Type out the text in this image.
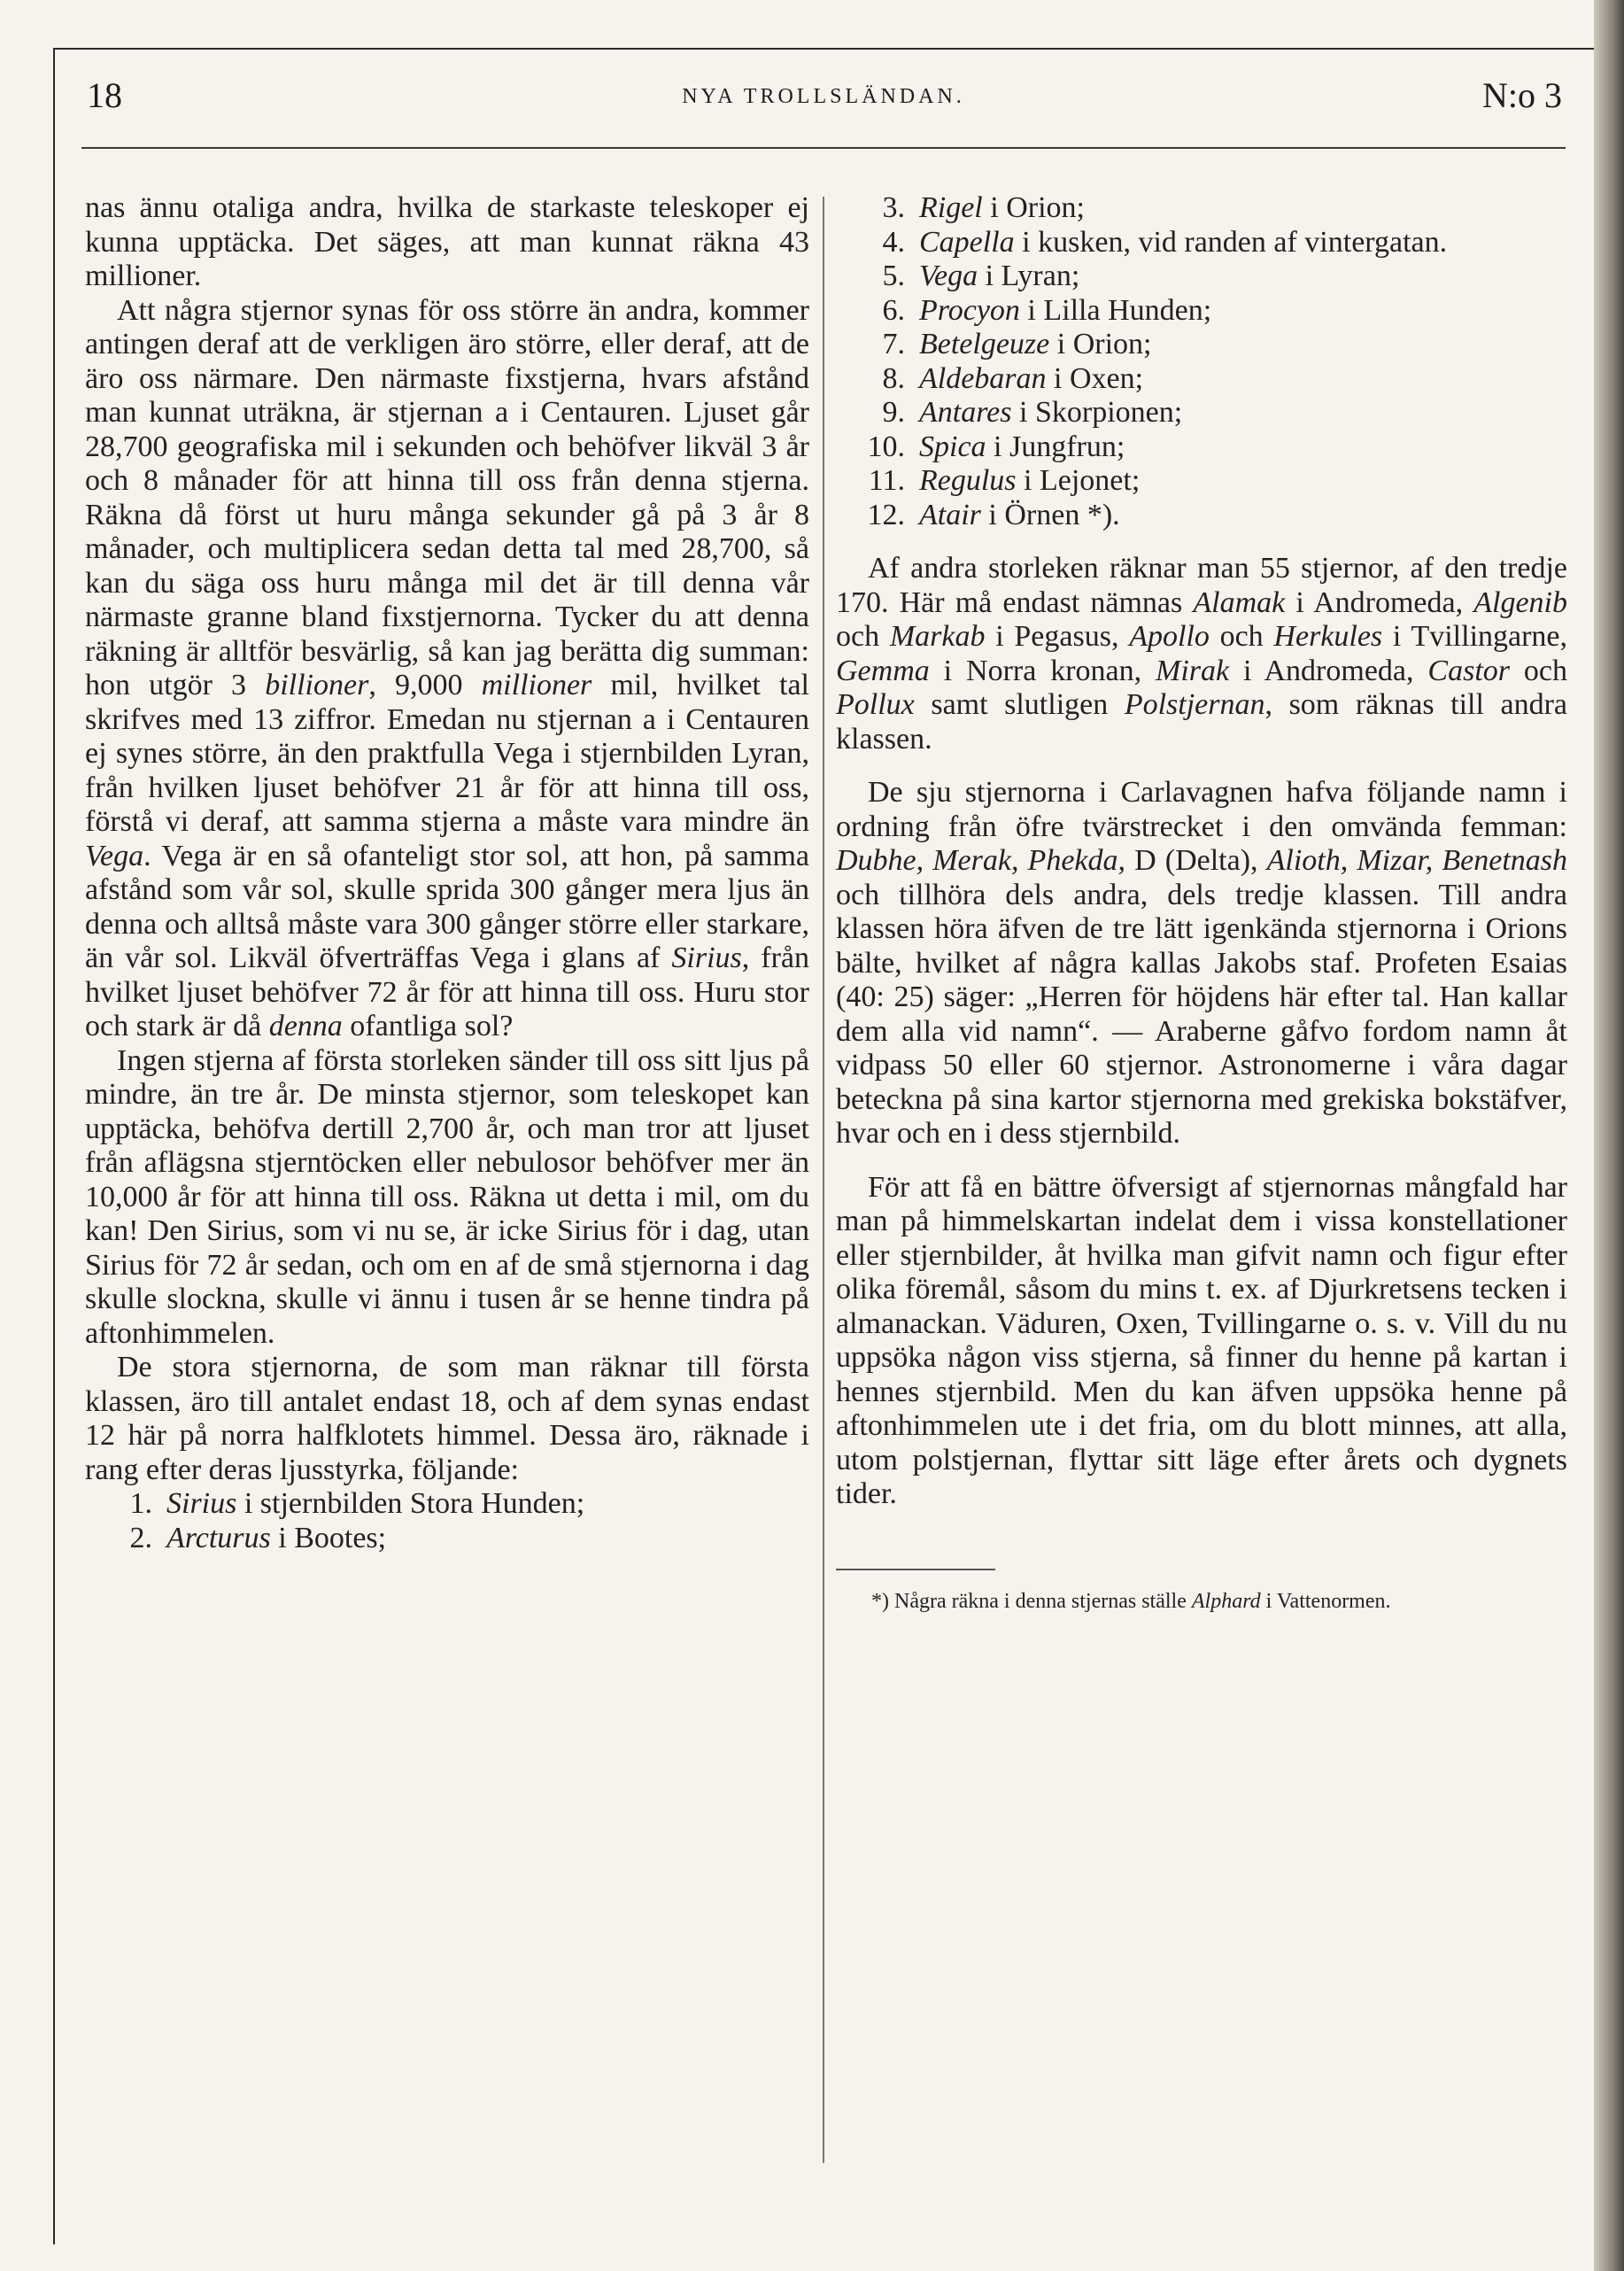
18	NYA TROLLSLÄNDAN.	N:o 3

nas ännu otaliga andra, hvilka de starkaste teleskoper ej kunna upptäcka. Det säges, att man kunnat räkna 43 millioner.

Att några stjernor synas för oss större än andra, kommer antingen deraf att de verkligen äro större, eller deraf, att de äro oss närmare. Den närmaste fixstjerna, hvars afstånd man kunnat uträkna, är stjernan a i Centauren. Ljuset går 28,700 geografiska mil i sekunden och behöfver likväl 3 år och 8 månader för att hinna till oss från denna stjerna. Räkna då först ut huru många sekunder gå på 3 år 8 månader, och multiplicera sedan detta tal med 28,700, så kan du säga oss huru många mil det är till denna vår närmaste granne bland fixstjernorna. Tycker du att denna räkning är alltför besvärlig, så kan jag berätta dig summan: hon utgör 3 billioner, 9,000 millioner mil, hvilket tal skrifves med 13 ziffror. Emedan nu stjernan a i Centauren ej synes större, än den praktfulla Vega i stjernbilden Lyran, från hvilken ljuset behöfver 21 år för att hinna till oss, förstå vi deraf, att samma stjerna a måste vara mindre än Vega. Vega är en så ofanteligt stor sol, att hon, på samma afstånd som vår sol, skulle sprida 300 gånger mera ljus än denna och alltså måste vara 300 gånger större eller starkare, än vår sol. Likväl öfverträffas Vega i glans af Sirius, från hvilket ljuset behöfver 72 år för att hinna till oss. Huru stor och stark är då denna ofantliga sol?

Ingen stjerna af första storleken sänder till oss sitt ljus på mindre, än tre år. De minsta stjernor, som teleskopet kan upptäcka, behöfva dertill 2,700 år, och man tror att ljuset från aflägsna stjerntöcken eller nebulosor behöfver mer än 10,000 år för att hinna till oss. Räkna ut detta i mil, om du kan! Den Sirius, som vi nu se, är icke Sirius för i dag, utan Sirius för 72 år sedan, och om en af de små stjernorna i dag skulle slockna, skulle vi ännu i tusen år se henne tindra på aftonhimmelen.

De stora stjernorna, de som man räknar till första klassen, äro till antalet endast 18, och af dem synas endast 12 här på norra halfklotets himmel. Dessa äro, räknade i rang efter deras ljusstyrka, följande:

1. Sirius i stjernbilden Stora Hunden;
2. Arcturus i Bootes;
3. Rigel i Orion;
4. Capella i kusken, vid randen af vintergatan.
5. Vega i Lyran;
6. Procyon i Lilla Hunden;
7. Betelgeuze i Orion;
8. Aldebaran i Oxen;
9. Antares i Skorpionen;
10. Spica i Jungfrun;
11. Regulus i Lejonet;
12. Atair i Örnen *).

Af andra storleken räknar man 55 stjernor, af den tredje 170. Här må endast nämnas Alamak i Andromeda, Algenib och Markab i Pegasus, Apollo och Herkules i Tvillingarne, Gemma i Norra kronan, Mirak i Andromeda, Castor och Pollux samt slutligen Polstjernan, som räknas till andra klassen.

De sju stjernorna i Carlavagnen hafva följande namn i ordning från öfre tvärstrecket i den omvända femman: Dubhe, Merak, Phekda, D (Delta), Alioth, Mizar, Benetnash och tillhöra dels andra, dels tredje klassen. Till andra klassen höra äfven de tre lätt igenkända stjernorna i Orions bälte, hvilket af några kallas Jakobs staf. Profeten Esaias (40: 25) säger: „Herren för höjdens här efter tal. Han kallar dem alla vid namn“. — Araberne gåfvo fordom namn åt vidpass 50 eller 60 stjernor. Astronomerne i våra dagar beteckna på sina kartor stjernorna med grekiska bokstäfver, hvar och en i dess stjernbild.

För att få en bättre öfversigt af stjernornas mångfald har man på himmelskartan indelat dem i vissa konstellationer eller stjernbilder, åt hvilka man gifvit namn och figur efter olika föremål, såsom du mins t. ex. af Djurkretsens tecken i almanackan. Väduren, Oxen, Tvillingarne o. s. v. Vill du nu uppsöka någon viss stjerna, så finner du henne på kartan i hennes stjernbild. Men du kan äfven uppsöka henne på aftonhimmelen ute i det fria, om du blott minnes, att alla, utom polstjernan, flyttar sitt läge efter årets och dygnets tider.

*) Några räkna i denna stjernas ställe Alphard i Vattenormen.
